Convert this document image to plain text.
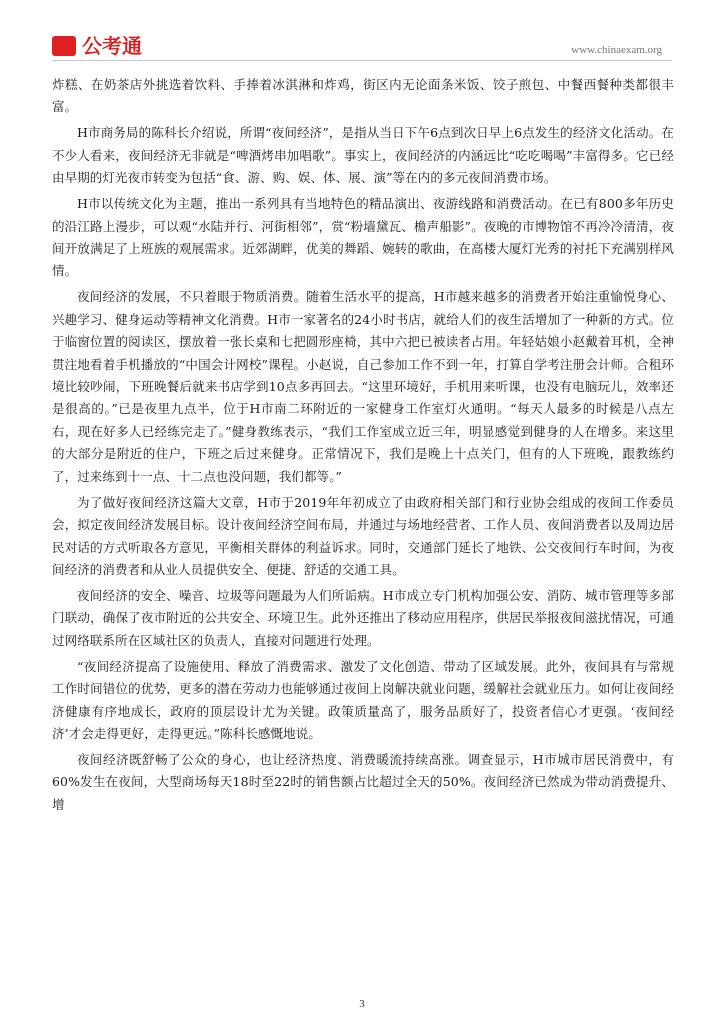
公考通	www.chinaexam.org

炸糕、在奶茶店外挑选着饮料、手捧着冰淇淋和炸鸡，街区内无论面条米饭、饺子煎包、中餐西餐种类都很丰富。

H市商务局的陈科长介绍说，所谓“夜间经济”，是指从当日下午6点到次日早上6点发生的经济文化活动。在不少人看来，夜间经济无非就是“啤酒烤串加唱歌”。事实上，夜间经济的内涵远比“吃吃喝喝”丰富得多。它已经由早期的灯光夜市转变为包括“食、游、购、娱、体、展、演”等在内的多元夜间消费市场。

H市以传统文化为主题，推出一系列具有当地特色的精品演出、夜游线路和消费活动。在已有800多年历史的沿江路上漫步，可以观“水陆并行、河街相邻”，赏“粉墙黛瓦、檐声船影”。夜晚的市博物馆不再冷冷清清，夜间开放满足了上班族的观展需求。近郊湖畔，优美的舞蹈、婉转的歌曲，在高楼大厦灯光秀的衬托下充满别样风情。

夜间经济的发展，不只着眼于物质消费。随着生活水平的提高，H市越来越多的消费者开始注重愉悦身心、兴趣学习、健身运动等精神文化消费。H市一家著名的24小时书店，就给人们的夜生活增加了一种新的方式。位于临窗位置的阅读区，摆放着一张长桌和七把圆形座椅，其中六把已被读者占用。年轻姑娘小赵戴着耳机，全神贯注地看着手机播放的“中国会计网校”课程。小赵说，自己参加工作不到一年，打算自学考注册会计师。合租环境比较吵闹，下班晚餐后就来书店学到10点多再回去。“这里环境好，手机用来听课，也没有电脑玩儿，效率还是很高的。”已是夜里九点半，位于H市南二环附近的一家健身工作室灯火通明。“每天人最多的时候是八点左右，现在好多人已经练完走了。”健身教练表示，“我们工作室成立近三年，明显感觉到健身的人在增多。来这里的大部分是附近的住户，下班之后过来健身。正常情况下，我们是晚上十点关门，但有的人下班晚，跟教练约了，过来练到十一点、十二点也没问题，我们都等。”

为了做好夜间经济这篇大文章，H市于2019年年初成立了由政府相关部门和行业协会组成的夜间工作委员会，拟定夜间经济发展目标。设计夜间经济空间布局，并通过与场地经营者、工作人员、夜间消费者以及周边居民对话的方式听取各方意见，平衡相关群体的利益诉求。同时，交通部门延长了地铁、公交夜间行车时间，为夜间经济的消费者和从业人员提供安全、便捷、舒适的交通工具。

夜间经济的安全、噪音、垃圾等问题最为人们所诟病。H市成立专门机构加强公安、消防、城市管理等多部门联动，确保了夜市附近的公共安全、环境卫生。此外还推出了移动应用程序，供居民举报夜间滋扰情况，可通过网络联系所在区域社区的负责人，直接对问题进行处理。

“夜间经济提高了设施使用、释放了消费需求、激发了文化创造、带动了区域发展。此外，夜间具有与常规工作时间错位的优势，更多的潜在劳动力也能够通过夜间上岗解决就业问题，缓解社会就业压力。如何让夜间经济健康有序地成长，政府的顶层设计尤为关键。政策质量高了，服务品质好了，投资者信心才更强。‘夜间经济’才会走得更好，走得更远。”陈科长感慨地说。

夜间经济既舒畅了公众的身心，也让经济热度、消费暖流持续高涨。调查显示，H市城市居民消费中，有60%发生在夜间，大型商场每天18时至22时的销售额占比超过全天的50%。夜间经济已然成为带动消费提升、增

3
